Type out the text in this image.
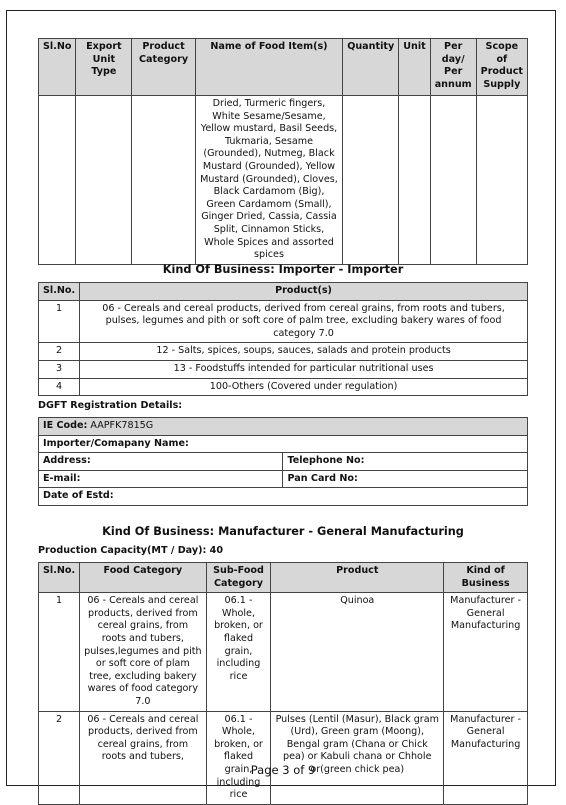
Sl.No	Export Unit Type	Product Category	Name of Food Item(s)	Quantity	Unit	Per day/ Per annum	Scope of Product Supply
			Dried, Turmeric fingers, White Sesame/Sesame, Yellow mustard, Basil Seeds, Tukmaria, Sesame (Grounded), Nutmeg, Black Mustard (Grounded), Yellow Mustard (Grounded), Cloves, Black Cardamom (Big), Green Cardamom (Small), Ginger Dried, Cassia, Cassia Split, Cinnamon Sticks, Whole Spices and assorted spices				
Kind Of Business: Importer - Importer
Sl.No.	Product(s)
1	06 - Cereals and cereal products, derived from cereal grains, from roots and tubers, pulses, legumes and pith or soft core of palm tree, excluding bakery wares of food category 7.0
2	12 - Salts, spices, soups, sauces, salads and protein products
3	13 - Foodstuffs intended for particular nutritional uses
4	100-Others (Covered under regulation)
DGFT Registration Details:
IE Code: AAPFK7815G	
Importer/Comapany Name:	
Address:	Telephone No:
E-mail:	Pan Card No:
Date of Estd:	
Kind Of Business: Manufacturer - General Manufacturing
Production Capacity(MT / Day): 40
Sl.No.	Food Category	Sub-Food Category	Product	Kind of Business
1	06 - Cereals and cereal products, derived from cereal grains, from roots and tubers, pulses,legumes and pith or soft core of plam tree, excluding bakery wares of food category 7.0	06.1 - Whole, broken, or flaked grain, including rice	Quinoa	Manufacturer - General Manufacturing
2	06 - Cereals and cereal products, derived from cereal grains, from roots and tubers,	06.1 - Whole, broken, or flaked grain, including rice	Pulses (Lentil (Masur), Black gram (Urd), Green gram (Moong), Bengal gram (Chana or Chick pea) or Kabuli chana or Chhole or(green chick pea)	Manufacturer - General Manufacturing
Page 3 of 9
